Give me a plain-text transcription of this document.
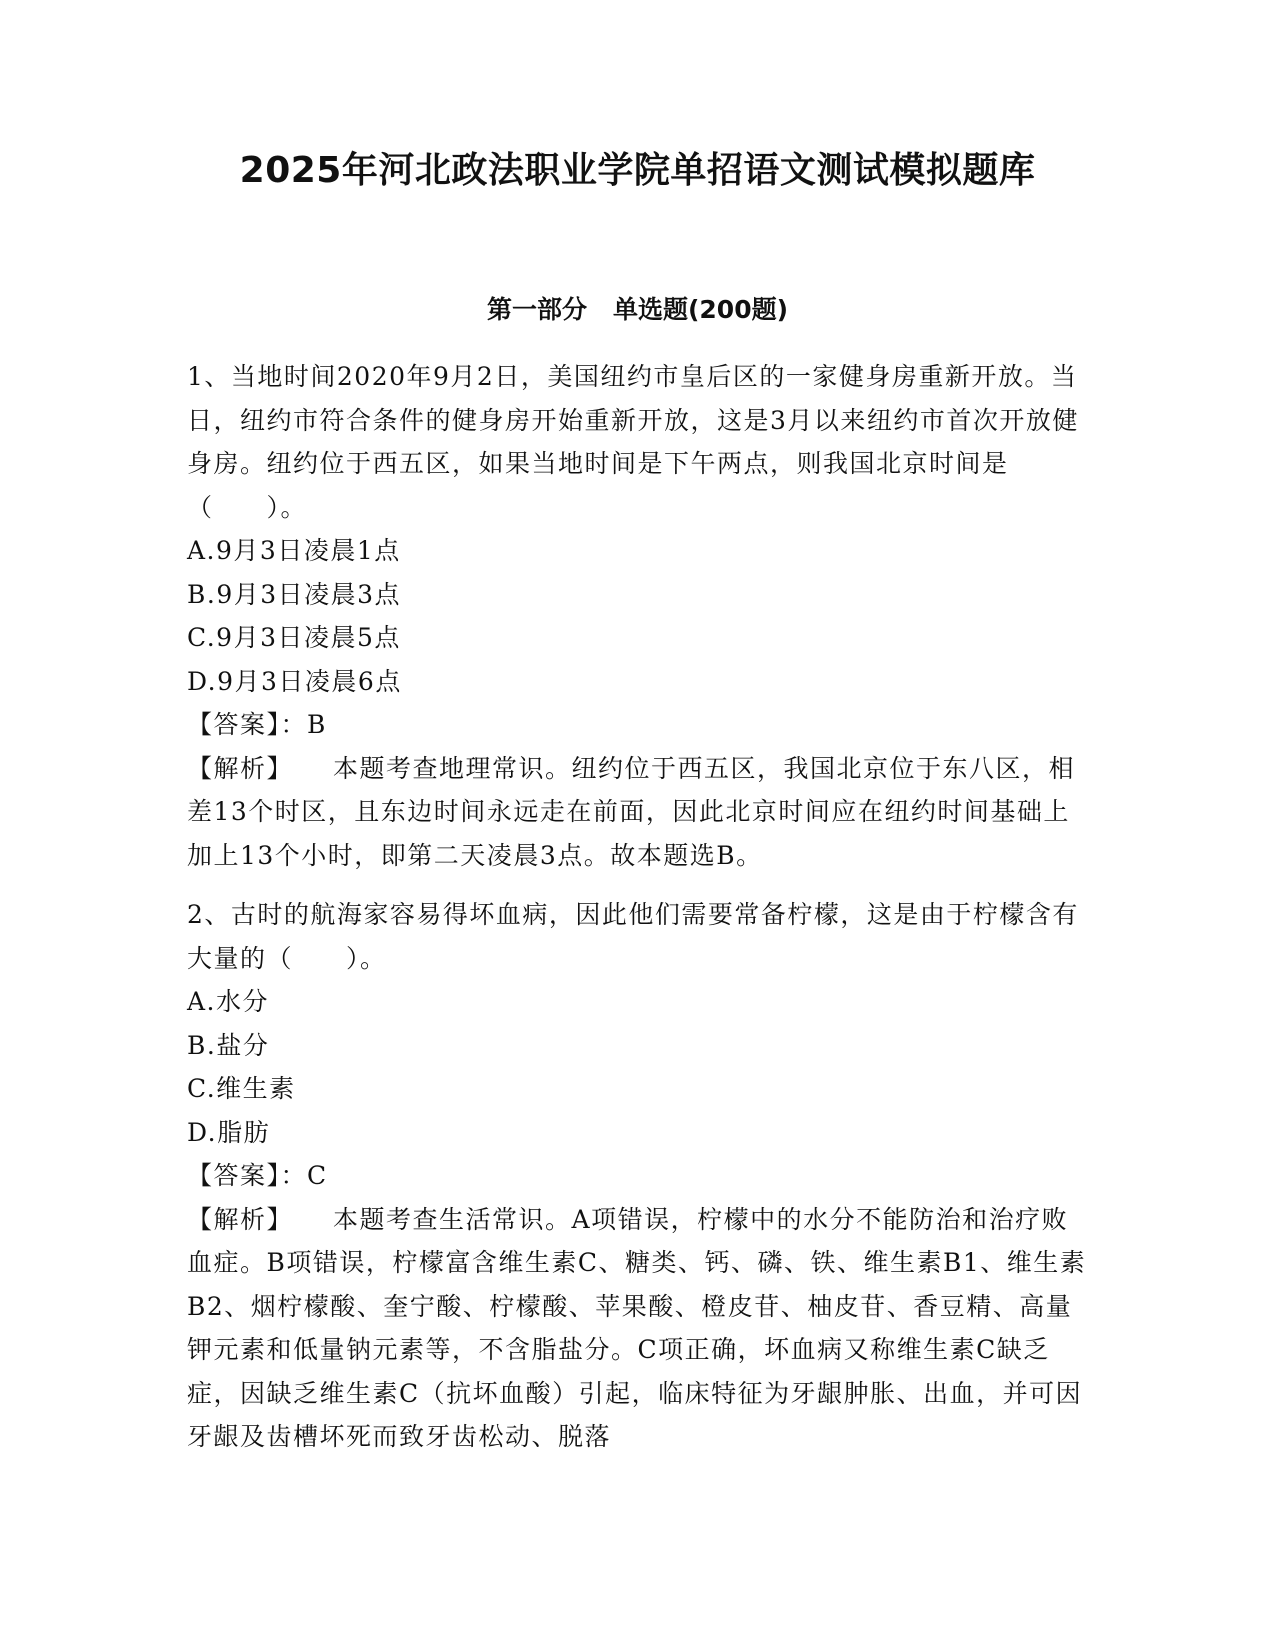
2025年河北政法职业学院单招语文测试模拟题库
第一部分 单选题(200题)

1、当地时间2020年9月2日，美国纽约市皇后区的一家健身房重新开放。当日，纽约市符合条件的健身房开始重新开放，这是3月以来纽约市首次开放健身房。纽约位于西五区，如果当地时间是下午两点，则我国北京时间是（　　）。

A.9月3日凌晨1点
B.9月3日凌晨3点
C.9月3日凌晨5点
D.9月3日凌晨6点

【答案】：B

【解析】 本题考查地理常识。纽约位于西五区，我国北京位于东八区，相差13个时区，且东边时间永远走在前面，因此北京时间应在纽约时间基础上加上13个小时，即第二天凌晨3点。故本题选B。

2、古时的航海家容易得坏血病，因此他们需要常备柠檬，这是由于柠檬含有大量的（　　）。

A.水分
B.盐分
C.维生素
D.脂肪

【答案】：C

【解析】 本题考查生活常识。A项错误，柠檬中的水分不能防治和治疗败血症。B项错误，柠檬富含维生素C、糖类、钙、磷、铁、维生素B1、维生素B2、烟柠檬酸、奎宁酸、柠檬酸、苹果酸、橙皮苷、柚皮苷、香豆精、高量钾元素和低量钠元素等，不含脂盐分。C项正确，坏血病又称维生素C缺乏症，因缺乏维生素C（抗坏血酸）引起，临床特征为牙龈肿胀、出血，并可因牙龈及齿槽坏死而致牙齿松动、脱落
